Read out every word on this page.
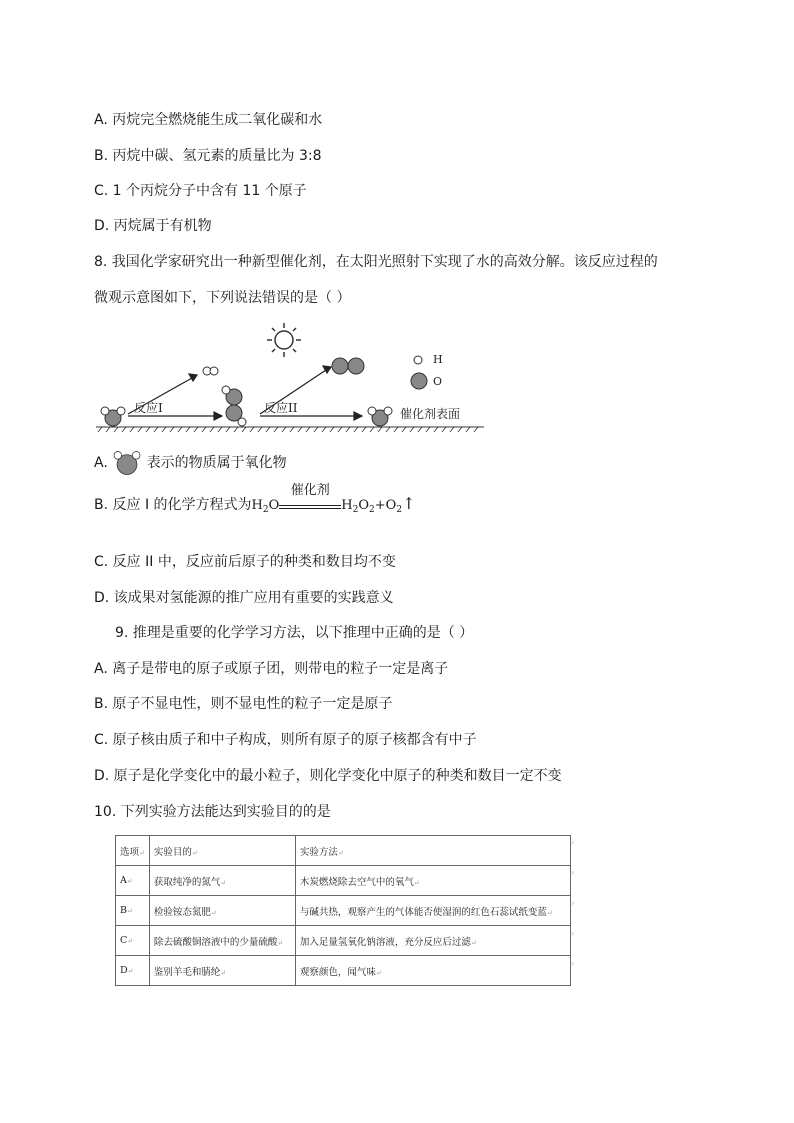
A. 丙烷完全燃烧能生成二氧化碳和水
B. 丙烷中碳、氢元素的质量比为 3:8
C. 1 个丙烷分子中含有 11 个原子
D. 丙烷属于有机物
8. 我国化学家研究出一种新型催化剂，在太阳光照射下实现了水的高效分解。该反应过程的
微观示意图如下，下列说法错误的是（ ）
反应I	反应II	催化剂表面
H
O
A.	表示的物质属于氧化物
B. 反应 I 的化学方程式为$H_2O$
催化剂
$H_2O_2+O_2↑$
C. 反应 II 中，反应前后原子的种类和数目均不变
D. 该成果对氢能源的推广应用有重要的实践意义
9. 推理是重要的化学学习方法，以下推理中正确的是（ ）
A. 离子是带电的原子或原子团，则带电的粒子一定是离子
B. 原子不显电性，则不显电性的粒子一定是原子
C. 原子核由质子和中子构成，则所有原子的原子核都含有中子
D. 原子是化学变化中的最小粒子，则化学变化中原子的种类和数目一定不变
10. 下列实验方法能达到实验目的的是
选项↵	实验目的↵	实验方法↵
A↵	获取纯净的氮气↵	木炭燃烧除去空气中的氧气↵
B↵	检验铵态氮肥↵	与碱共热，观察产生的气体能否使湿润的红色石蕊试纸变蓝↵
C↵	除去硫酸铜溶液中的少量硫酸↵	加入足量氢氧化钠溶液，充分反应后过滤↵
D↵	鉴别羊毛和腈纶↵	观察颜色，闻气味↵
ˀ
ˀ
ˀ
ˀ
ˀ
